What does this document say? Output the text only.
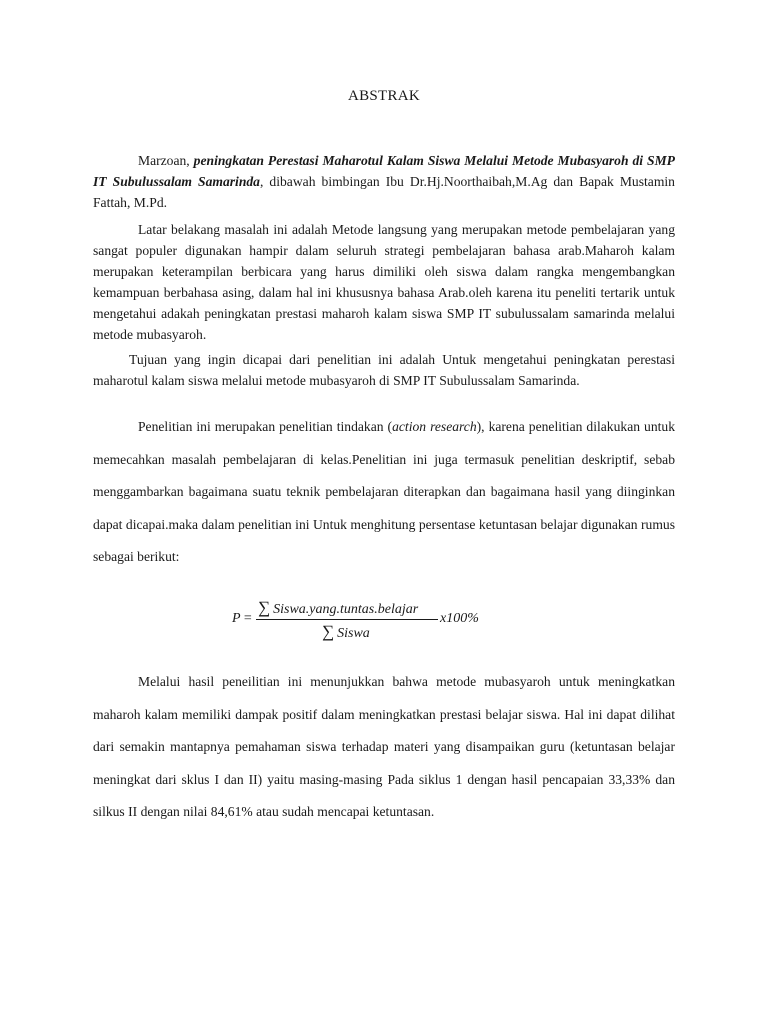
ABSTRAK

Marzoan, peningkatan Perestasi Maharotul Kalam Siswa Melalui Metode Mubasyaroh di SMP IT Subulussalam Samarinda, dibawah bimbingan Ibu Dr.Hj.Noorthaibah,M.Ag dan Bapak Mustamin Fattah, M.Pd.

Latar belakang masalah ini adalah Metode langsung yang merupakan metode pembelajaran yang sangat populer digunakan hampir dalam seluruh strategi pembelajaran bahasa arab.Maharoh kalam merupakan keterampilan berbicara yang harus dimiliki oleh siswa dalam rangka mengembangkan kemampuan berbahasa asing, dalam hal ini khususnya bahasa Arab.oleh karena itu peneliti tertarik untuk mengetahui adakah peningkatan prestasi maharoh kalam siswa SMP IT subulussalam samarinda melalui metode mubasyaroh.

Tujuan yang ingin dicapai dari penelitian ini adalah Untuk mengetahui peningkatan perestasi maharotul kalam siswa melalui metode mubasyaroh di SMP IT Subulussalam Samarinda.

Penelitian ini merupakan penelitian tindakan (action research), karena penelitian dilakukan untuk memecahkan masalah pembelajaran di kelas.Penelitian ini juga termasuk penelitian deskriptif, sebab menggambarkan bagaimana suatu teknik pembelajaran diterapkan dan bagaimana hasil yang diinginkan dapat dicapai.maka dalam penelitian ini Untuk menghitung persentase ketuntasan belajar digunakan rumus sebagai berikut:

P =
∑ Siswa.yang.tuntas.belajar
∑ Siswa
x100%

Melalui hasil peneilitian ini menunjukkan bahwa metode mubasyaroh untuk meningkatkan maharoh kalam memiliki dampak positif dalam meningkatkan prestasi belajar siswa. Hal ini dapat dilihat dari semakin mantapnya pemahaman siswa terhadap materi yang disampaikan guru (ketuntasan belajar meningkat dari sklus I dan II) yaitu masing-masing Pada siklus 1 dengan hasil pencapaian 33,33% dan silkus II dengan nilai 84,61% atau sudah mencapai ketuntasan.
